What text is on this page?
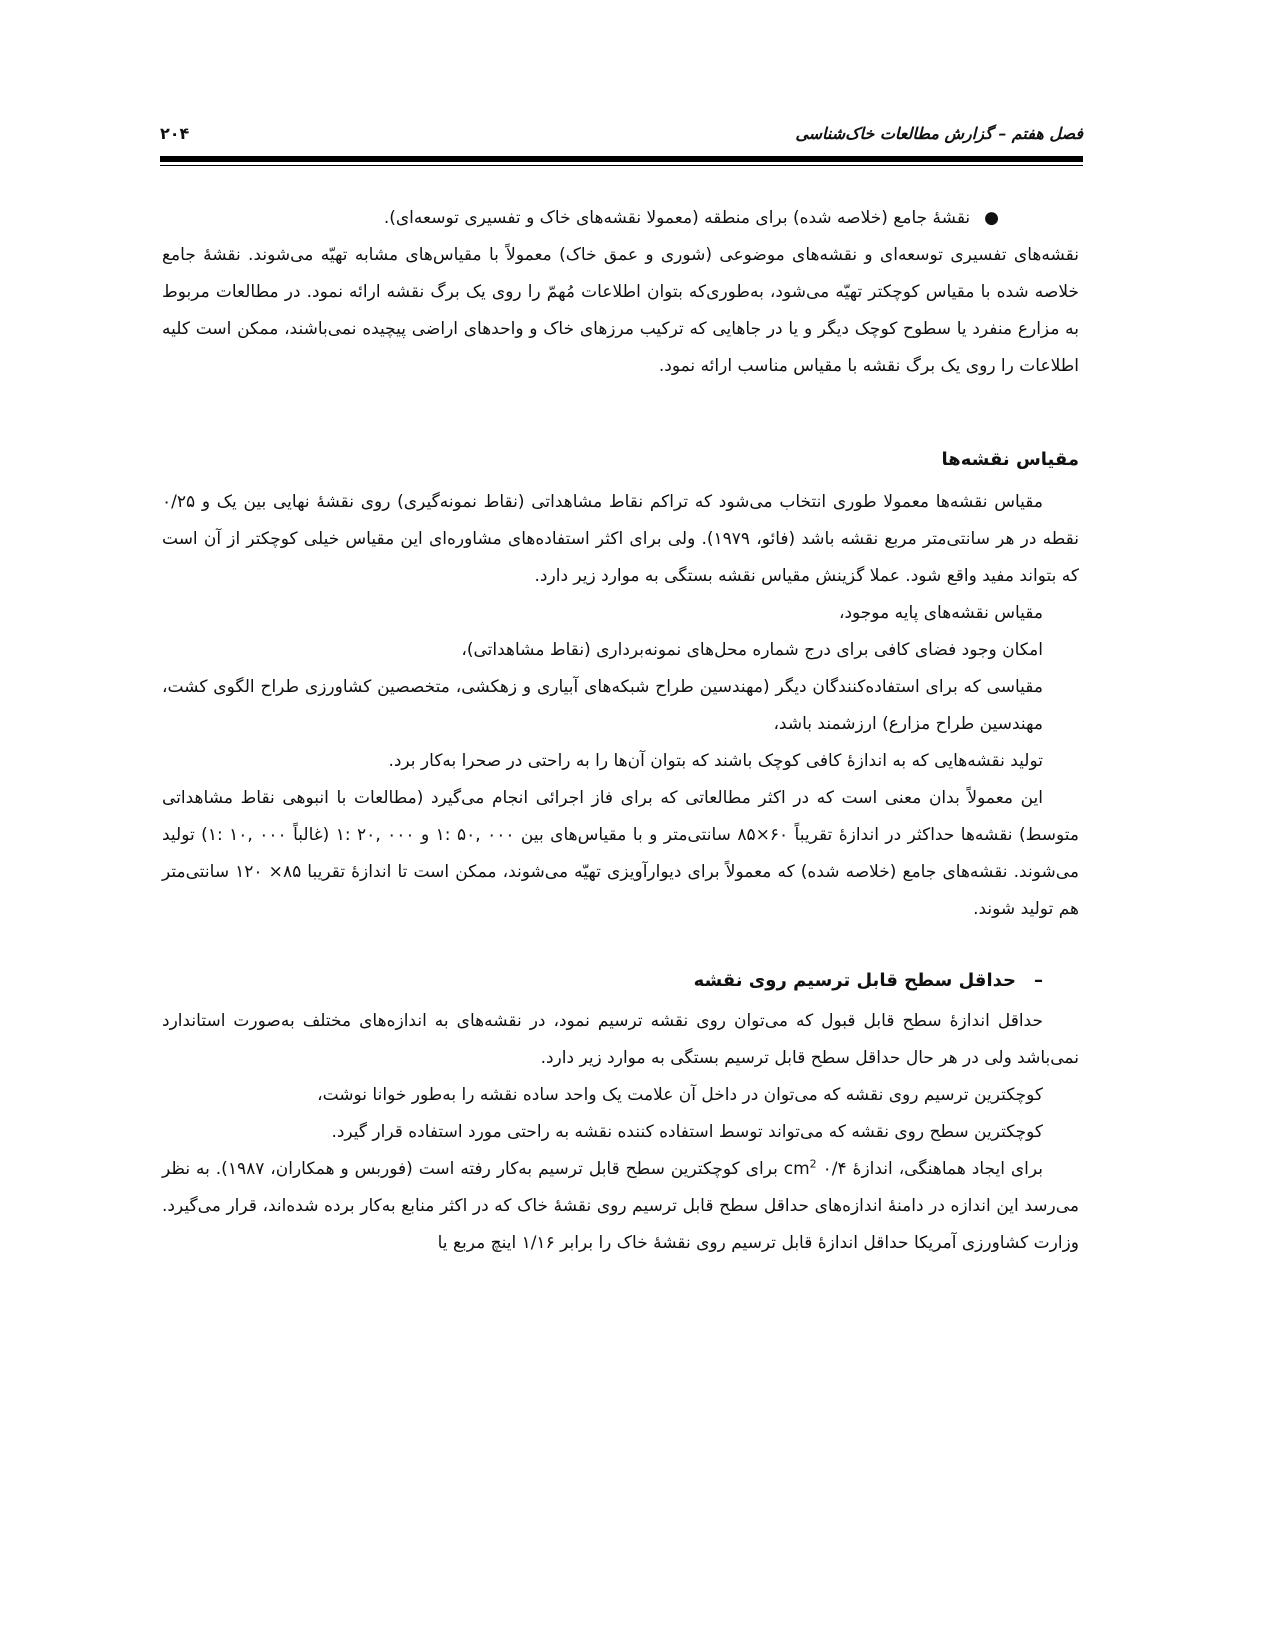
فصل هفتم – گزارش مطالعات خاک‌شناسی
۲۰۴

●نقشهٔ جامع (خلاصه شده) برای منطقه (معمولا نقشه‌های خاک و تفسیری توسعه‌ای).

نقشه‌های تفسیری توسعه‌ای و نقشه‌های موضوعی (شوری و عمق خاک) معمولاً با مقیاس‌های مشابه تهیّه می‌شوند. نقشهٔ جامع خلاصه شده با مقیاس کوچکتر تهیّه می‌شود، به‌طوری‌که بتوان اطلاعات مُهمّ را روی یک برگ نقشه ارائه نمود. در مطالعات مربوط به مزارع منفرد یا سطوح کوچک دیگر و یا در جاهایی که ترکیب مرزهای خاک و واحدهای اراضی پیچیده نمی‌باشند، ممکن است کلیه اطلاعات را روی یک برگ نقشه با مقیاس مناسب ارائه نمود.

مقیاس نقشه‌ها

مقیاس نقشه‌ها معمولا طوری انتخاب می‌شود که تراکم نقاط مشاهداتی (نقاط نمونه‌گیری) روی نقشهٔ نهایی بین یک و ۰/۲۵ نقطه در هر سانتی‌متر مربع نقشه باشد (فائو، ۱۹۷۹). ولی برای اکثر استفاده‌های مشاوره‌ای این مقیاس خیلی کوچکتر از آن است که بتواند مفید واقع شود. عملا گزینش مقیاس نقشه بستگی به موارد زیر دارد.

مقیاس نقشه‌های پایه موجود،

امکان وجود فضای کافی برای درج شماره محل‌های نمونه‌برداری (نقاط مشاهداتی)،

مقیاسی که برای استفاده‌کنندگان دیگر (مهندسین طراح شبکه‌های آبیاری و زهکشی، متخصصین کشاورزی طراح الگوی کشت، مهندسین طراح مزارع) ارزشمند باشد،

تولید نقشه‌هایی که به اندازهٔ کافی کوچک باشند که بتوان آن‌ها را به راحتی در صحرا به‌کار برد.

این معمولاً بدان معنی است که در اکثر مطالعاتی که برای فاز اجرائی انجام می‌گیرد (مطالعات با انبوهی نقاط مشاهداتی متوسط) نقشه‌ها حداکثر در اندازهٔ تقریباً ۶۰×۸۵ سانتی‌متر و با مقیاس‌های بین ۰۰۰ ,۵۰ :۱ و ۰۰۰ ,۲۰ :۱ (غالباً ۰۰۰ ,۱۰ :۱) تولید می‌شوند. نقشه‌های جامع (خلاصه شده) که معمولاً برای دیوارآویزی تهیّه می‌شوند، ممکن است تا اندازهٔ تقریبا ۸۵× ۱۲۰ سانتی‌متر هم تولید شوند.

–حداقل سطح قابل ترسیم روی نقشه

حداقل اندازهٔ سطح قابل قبول که می‌توان روی نقشه ترسیم نمود، در نقشه‌های به اندازه‌های مختلف به‌صورت استاندارد نمی‌باشد ولی در هر حال حداقل سطح قابل ترسیم بستگی به موارد زیر دارد.

کوچکترین ترسیم روی نقشه که می‌توان در داخل آن علامت یک واحد ساده نقشه را به‌طور خوانا نوشت،

کوچکترین سطح روی نقشه که می‌تواند توسط استفاده کننده نقشه به راحتی مورد استفاده قرار گیرد.

برای ایجاد هماهنگی، اندازهٔ ۰/۴ $cm^2$ برای کوچکترین سطح قابل ترسیم به‌کار رفته است (فوربس و همکاران، ۱۹۸۷). به نظر می‌رسد این اندازه در دامنهٔ اندازه‌های حداقل سطح قابل ترسیم روی نقشهٔ خاک که در اکثر منابع به‌کار برده شده‌اند، قرار می‌گیرد. وزارت کشاورزی آمریکا حداقل اندازهٔ قابل ترسیم روی نقشهٔ خاک را برابر ۱/۱۶ اینچ مربع یا
